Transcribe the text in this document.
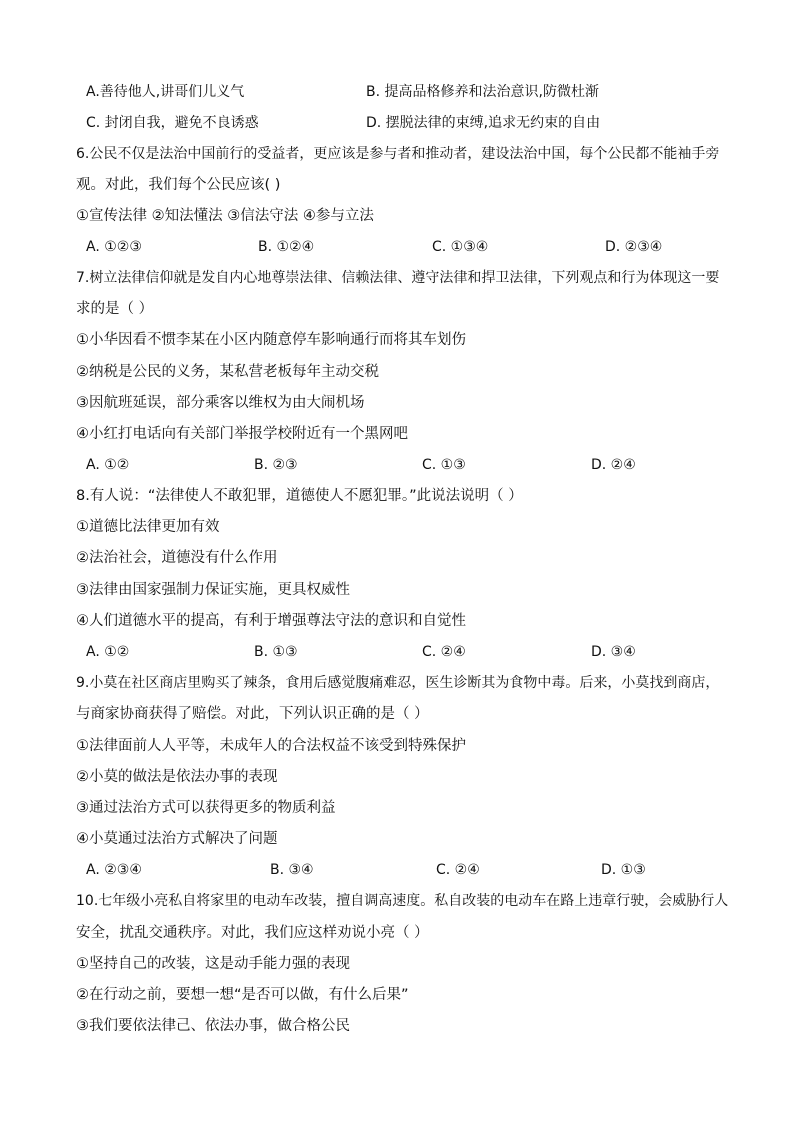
A.善待他人,讲哥们儿义气	B. 提高品格修养和法治意识,防微杜渐
C. 封闭自我，避免不良诱惑	D. 摆脱法律的束缚,追求无约束的自由
6.公民不仅是法治中国前行的受益者，更应该是参与者和推动者，建设法治中国，每个公民都不能袖手旁
观。对此，我们每个公民应该( )
①宣传法律 ②知法懂法 ③信法守法 ④参与立法
A. ①②③	B. ①②④	C. ①③④	D. ②③④
7.树立法律信仰就是发自内心地尊崇法律、信赖法律、遵守法律和捍卫法律，下列观点和行为体现这一要
求的是（ ）
①小华因看不惯李某在小区内随意停车影响通行而将其车划伤
②纳税是公民的义务，某私营老板每年主动交税
③因航班延误，部分乘客以维权为由大闹机场
④小红打电话向有关部门举报学校附近有一个黑网吧
A. ①②	B. ②③	C. ①③	D. ②④
8.有人说：“法律使人不敢犯罪，道德使人不愿犯罪。”此说法说明（ ）
①道德比法律更加有效
②法治社会，道德没有什么作用
③法律由国家强制力保证实施，更具权威性
④人们道德水平的提高，有利于增强尊法守法的意识和自觉性
A. ①②	B. ①③	C. ②④	D. ③④
9.小莫在社区商店里购买了辣条，食用后感觉腹痛难忍，医生诊断其为食物中毒。后来，小莫找到商店，
与商家协商获得了赔偿。对此，下列认识正确的是（ ）
①法律面前人人平等，未成年人的合法权益不该受到特殊保护
②小莫的做法是依法办事的表现
③通过法治方式可以获得更多的物质利益
④小莫通过法治方式解决了问题
A. ②③④	B. ③④	C. ②④	D. ①③
10.七年级小亮私自将家里的电动车改装，擅自调高速度。私自改装的电动车在路上违章行驶，会威胁行人
安全，扰乱交通秩序。对此，我们应这样劝说小亮（ ）
①坚持自己的改装，这是动手能力强的表现
②在行动之前，要想一想“是否可以做，有什么后果”
③我们要依法律己、依法办事，做合格公民
